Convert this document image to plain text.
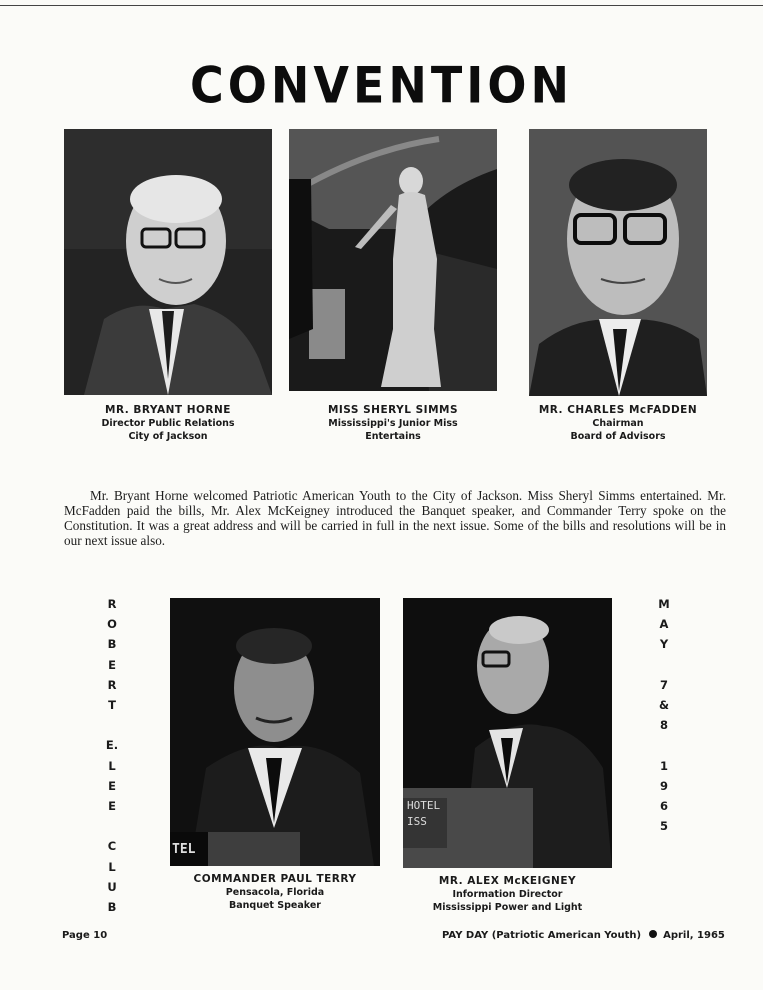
CONVENTION
MR. BRYANT HORNE
Director Public Relations
City of Jackson
MISS SHERYL SIMMS
Mississippi's Junior Miss
Entertains
MR. CHARLES McFADDEN
Chairman
Board of Advisors
Mr. Bryant Horne welcomed Patriotic American Youth to the City of Jackson. Miss Sheryl Simms entertained. Mr. McFadden paid the bills, Mr. Alex McKeigney introduced the Banquet speaker, and Commander Terry spoke on the Constitution. It was a great address and will be carried in full in the next issue. Some of the bills and resolutions will be in our next issue also.
R
O
B
E
R
T
E.
L
E
E
C
L
U
B
M
A
Y
7
&
8
1
9
6
5
TEL
COMMANDER PAUL TERRY
Pensacola, Florida
Banquet Speaker
HOTEL
ISS
MR. ALEX McKEIGNEY
Information Director
Mississippi Power and Light
Page 10	PAY DAY (Patriotic American Youth) April, 1965
